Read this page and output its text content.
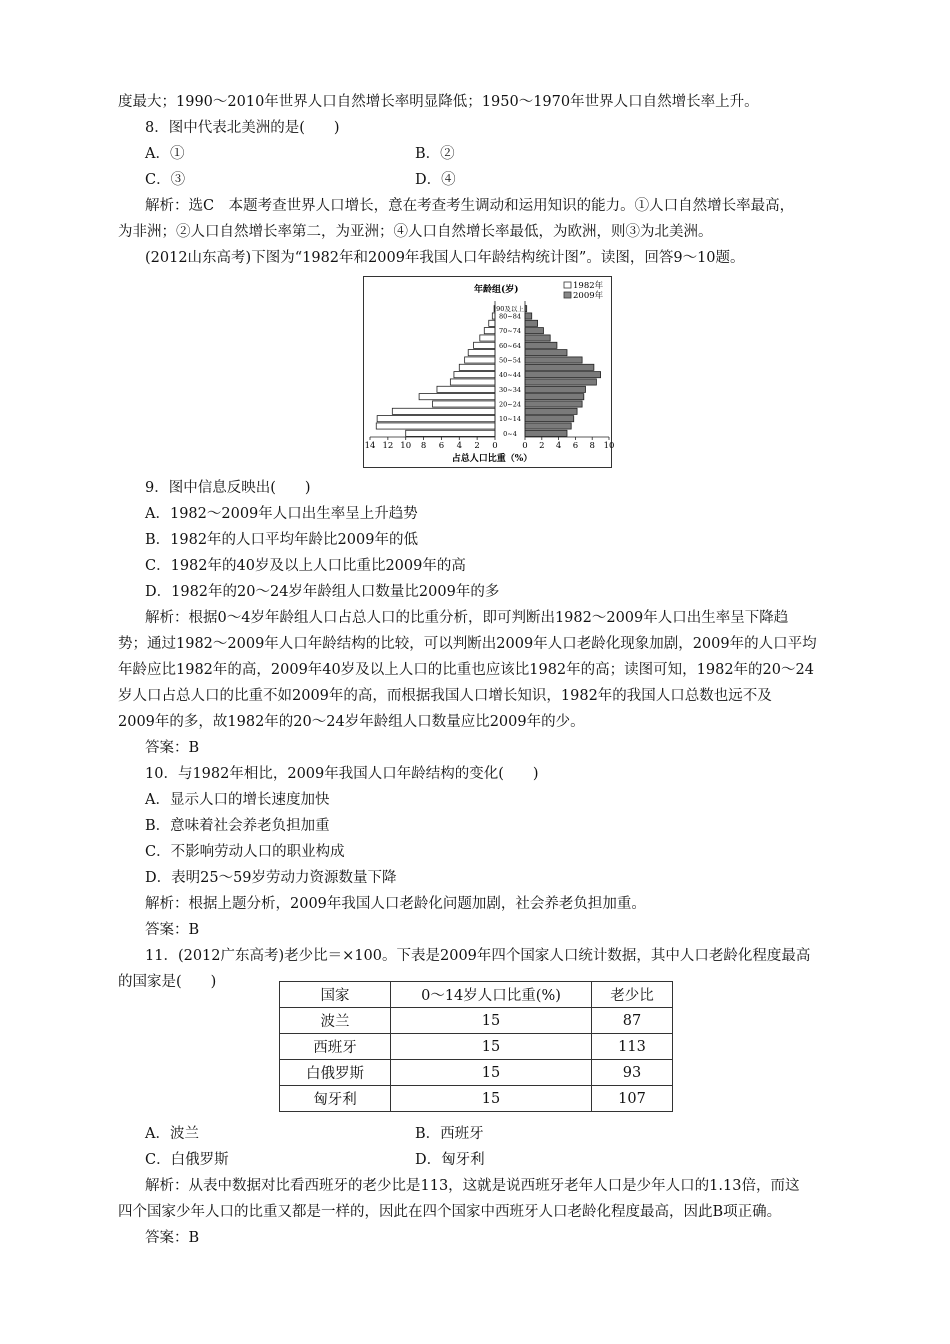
度最大；1990～2010年世界人口自然增长率明显降低；1950～1970年世界人口自然增长率上升。
8．图中代表北美洲的是(　　)
A．①	B．②
C．③	D．④
解析：选C　本题考查世界人口增长，意在考查考生调动和运用知识的能力。①人口自然增长率最高，
为非洲；②人口自然增长率第二，为亚洲；④人口自然增长率最低，为欧洲，则③为北美洲。
(2012山东高考)下图为“1982年和2009年我国人口年龄结构统计图”。读图，回答9～10题。
9．图中信息反映出(　　)
A．1982～2009年人口出生率呈上升趋势
B．1982年的人口平均年龄比2009年的低
C．1982年的40岁及以上人口比重比2009年的高
D．1982年的20～24岁年龄组人口数量比2009年的多
解析：根据0～4岁年龄组人口占总人口的比重分析，即可判断出1982～2009年人口出生率呈下降趋
势；通过1982～2009年人口年龄结构的比较，可以判断出2009年人口老龄化现象加剧，2009年的人口平均
年龄应比1982年的高，2009年40岁及以上人口的比重也应该比1982年的高；读图可知，1982年的20～24
岁人口占总人口的比重不如2009年的高，而根据我国人口增长知识，1982年的我国人口总数也远不及
2009年的多，故1982年的20～24岁年龄组人口数量应比2009年的少。
答案：B
10．与1982年相比，2009年我国人口年龄结构的变化(　　)
A．显示人口的增长速度加快
B．意味着社会养老负担加重
C．不影响劳动人口的职业构成
D．表明25～59岁劳动力资源数量下降
解析：根据上题分析，2009年我国人口老龄化问题加剧，社会养老负担加重。
答案：B
11．(2012广东高考)老少比＝×100。下表是2009年四个国家人口统计数据，其中人口老龄化程度最高
的国家是(　　)
A．波兰	B．西班牙
C．白俄罗斯	D．匈牙利
解析：从表中数据对比看西班牙的老少比是113，这就是说西班牙老年人口是少年人口的1.13倍，而这
四个国家少年人口的比重又都是一样的，因此在四个国家中西班牙人口老龄化程度最高，因此B项正确。
答案：B
年龄组(岁)	1982年
2009年
0~4
10~14
20~24
30~34
40~44
50~54
60~64
70~74
80~84
90及以上
14 12 10 8 6 4 2 0	0 2 4 6 8 10
占总人口比重（%）
国家	0～14岁人口比重(%)	老少比
波兰	15	87
西班牙	15	113
白俄罗斯	15	93
匈牙利	15	107
